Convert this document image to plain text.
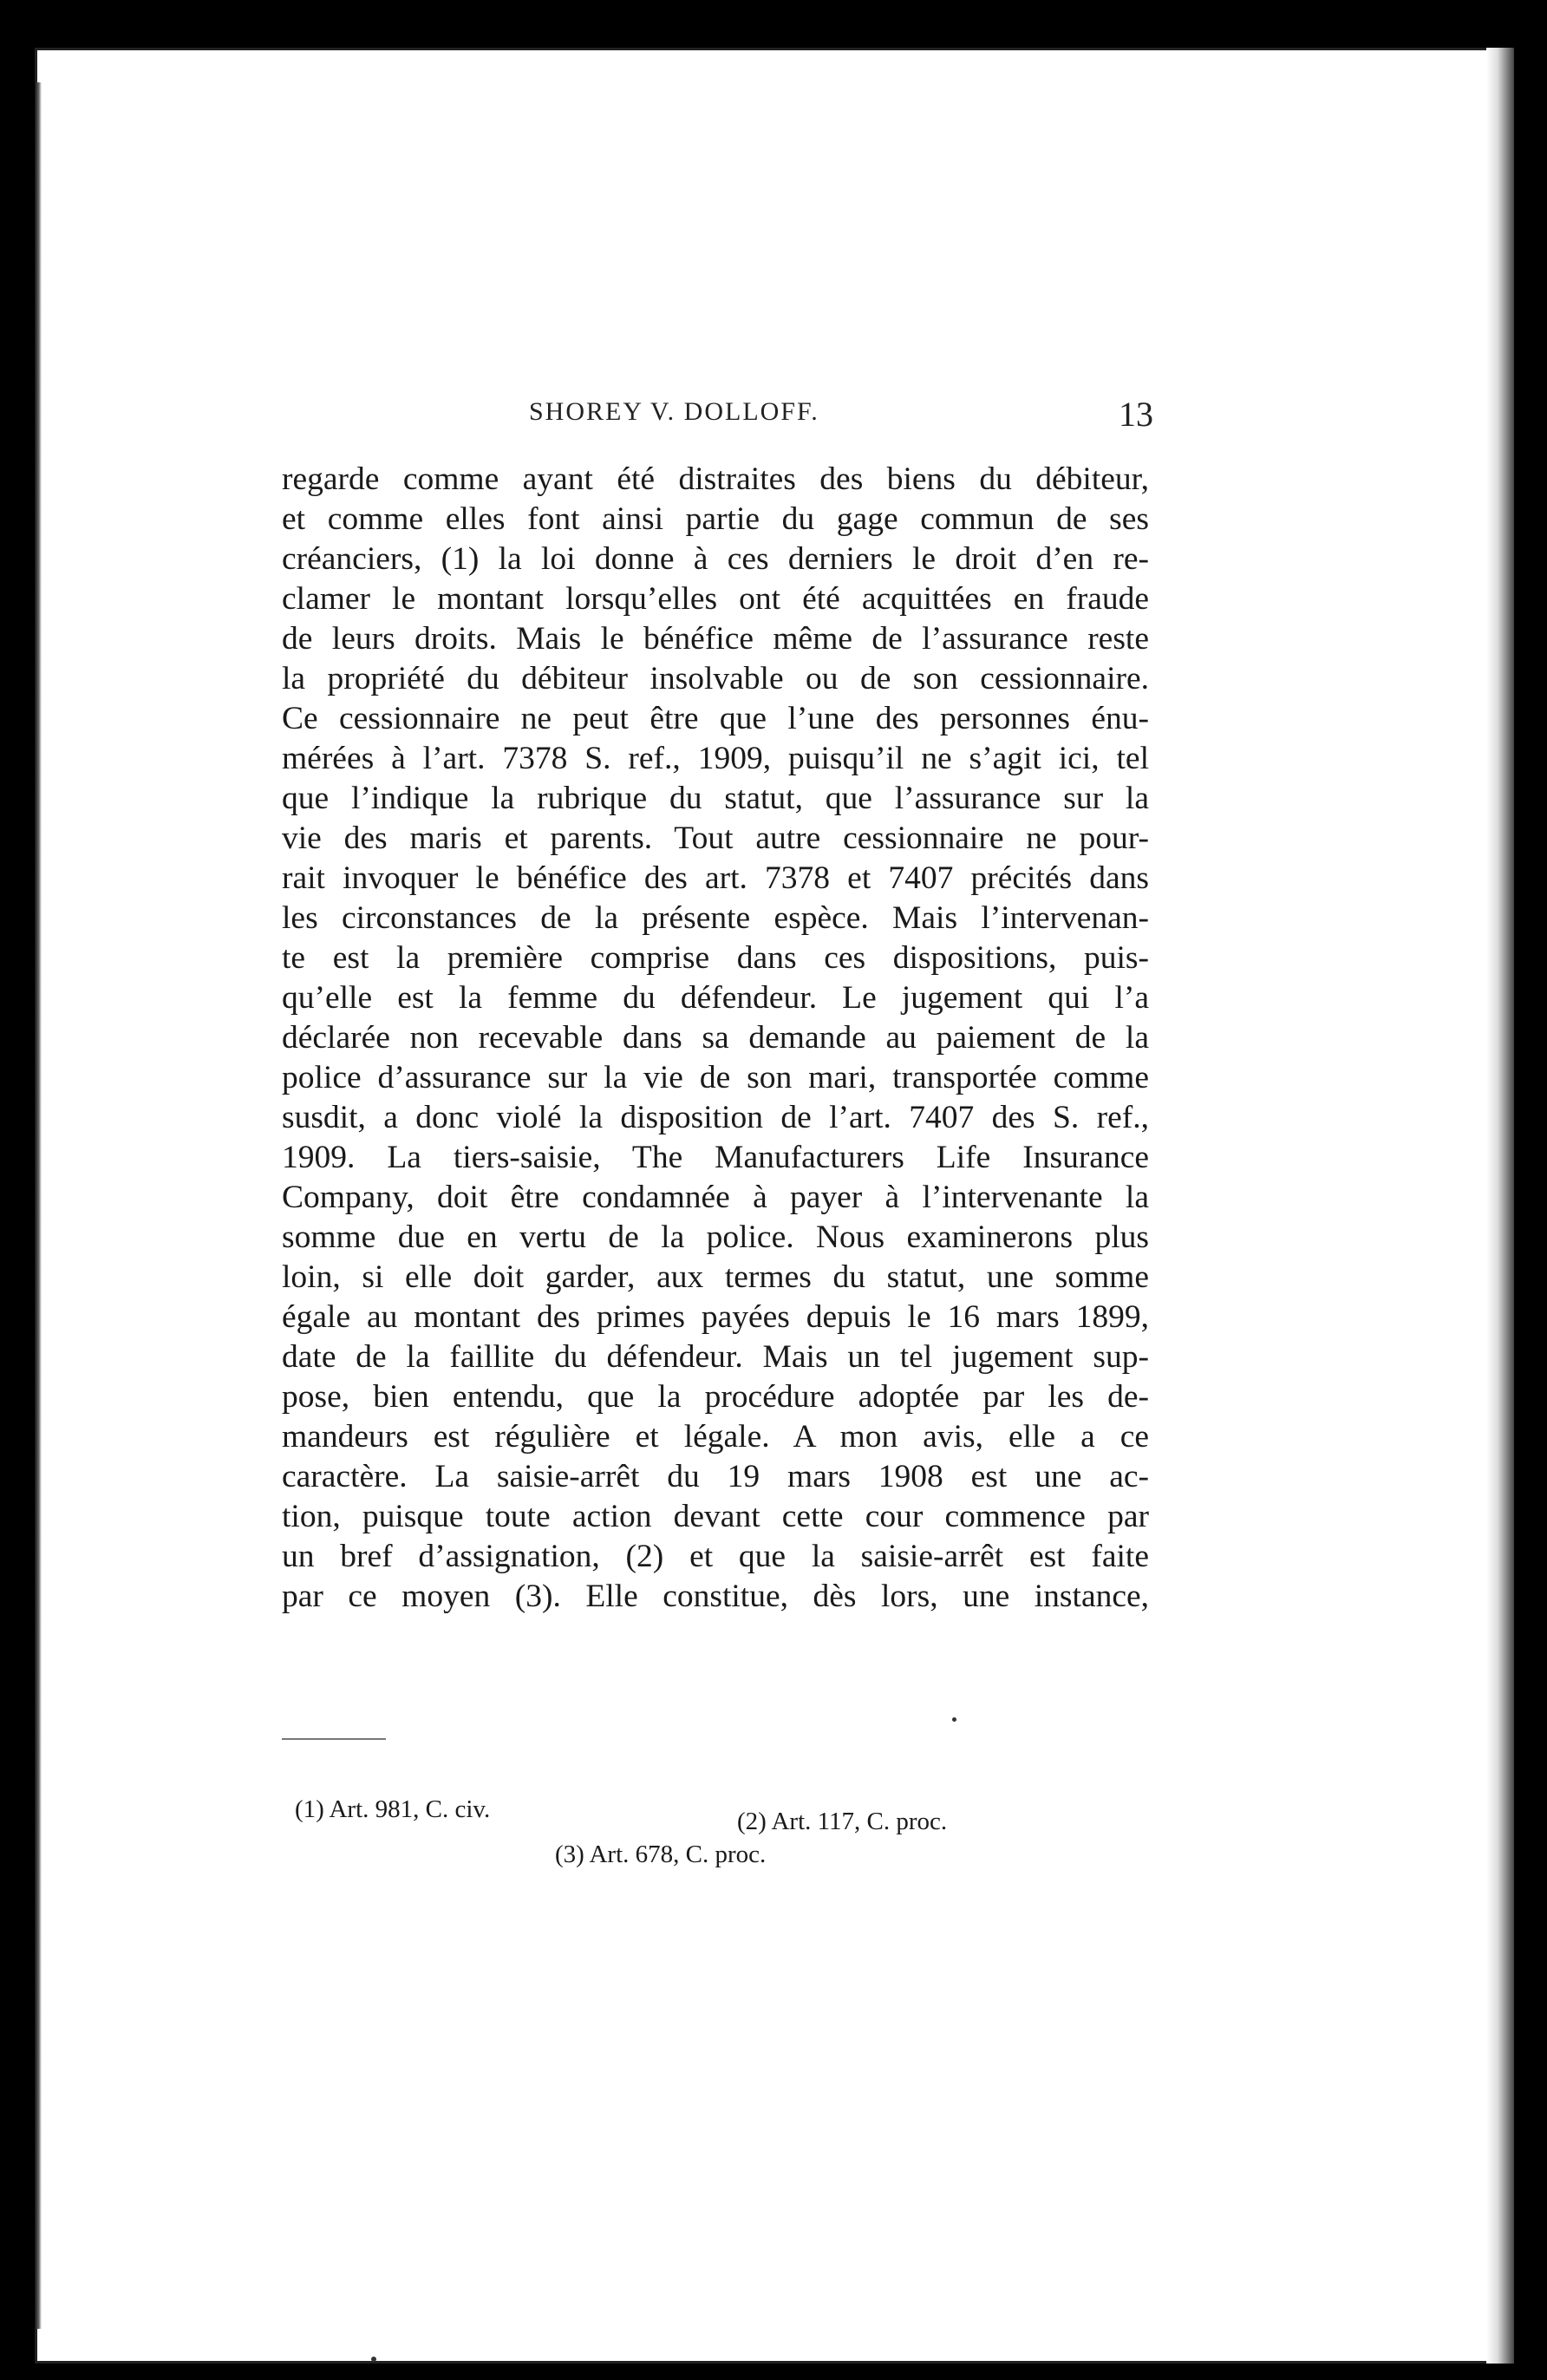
SHOREY V. DOLLOFF.	13
regarde comme ayant été distraites des biens du débiteur,
et comme elles font ainsi partie du gage commun de ses
créanciers, (1) la loi donne à ces derniers le droit d’en re-
clamer le montant lorsqu’elles ont été acquittées en fraude
de leurs droits. Mais le bénéfice même de l’assurance reste
la propriété du débiteur insolvable ou de son cessionnaire.
Ce cessionnaire ne peut être que l’une des personnes énu-
mérées à l’art. 7378 S. ref., 1909, puisqu’il ne s’agit ici, tel
que l’indique la rubrique du statut, que l’assurance sur la
vie des maris et parents. Tout autre cessionnaire ne pour-
rait invoquer le bénéfice des art. 7378 et 7407 précités dans
les circonstances de la présente espèce. Mais l’intervenan-
te est la première comprise dans ces dispositions, puis-
qu’elle est la femme du défendeur. Le jugement qui l’a
déclarée non recevable dans sa demande au paiement de la
police d’assurance sur la vie de son mari, transportée comme
susdit, a donc violé la disposition de l’art. 7407 des S. ref.,
1909. La tiers-saisie, The Manufacturers Life Insurance
Company, doit être condamnée à payer à l’intervenante la
somme due en vertu de la police. Nous examinerons plus
loin, si elle doit garder, aux termes du statut, une somme
égale au montant des primes payées depuis le 16 mars 1899,
date de la faillite du défendeur. Mais un tel jugement sup-
pose, bien entendu, que la procédure adoptée par les de-
mandeurs est régulière et légale. A mon avis, elle a ce
caractère. La saisie-arrêt du 19 mars 1908 est une ac-
tion, puisque toute action devant cette cour commence par
un bref d’assignation, (2) et que la saisie-arrêt est faite
par ce moyen (3). Elle constitue, dès lors, une instance,
(1) Art. 981, C. civ.	(2) Art. 117, C. proc.
(3) Art. 678, C. proc.
